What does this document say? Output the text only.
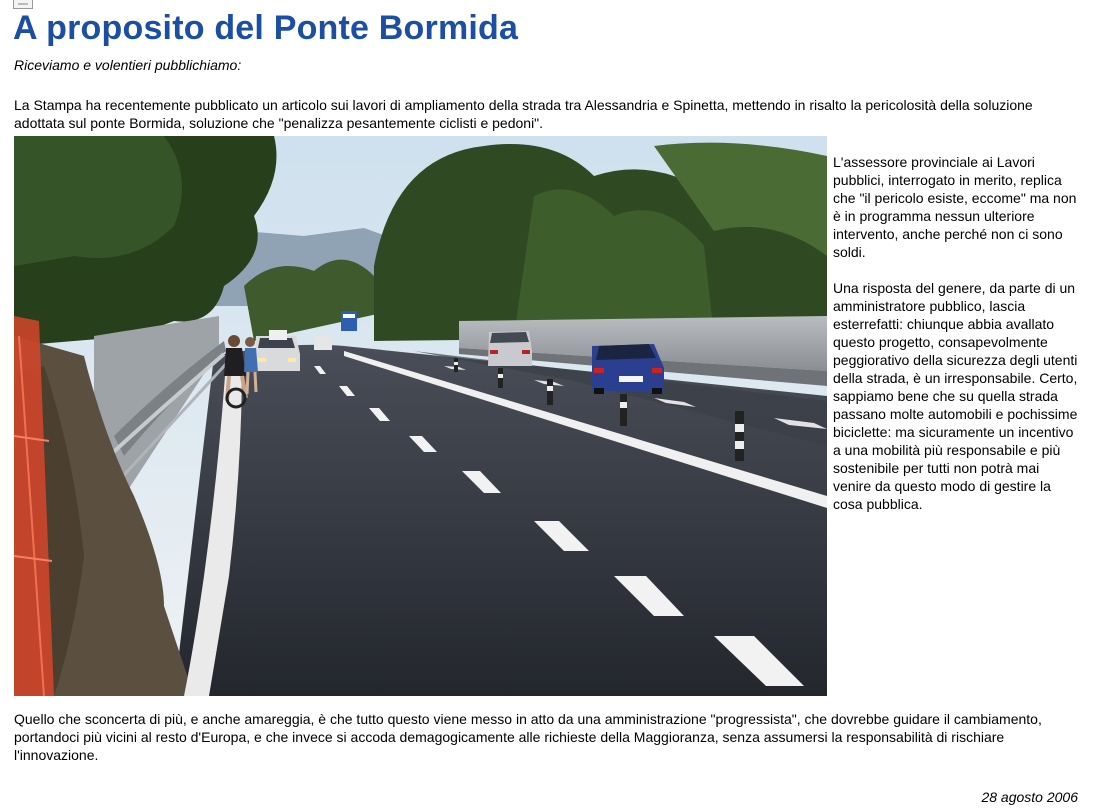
A proposito del Ponte Bormida
Riceviamo e volentieri pubblichiamo:

La Stampa ha recentemente pubblicato un articolo sui lavori di ampliamento della strada tra Alessandria e Spinetta, mettendo in risalto la pericolosità della soluzione adottata sul ponte Bormida, soluzione che "penalizza pesantemente ciclisti e pedoni".

L'assessore provinciale ai Lavori pubblici, interrogato in merito, replica che "il pericolo esiste, eccome" ma non è in programma nessun ulteriore intervento, anche perché non ci sono soldi.

Una risposta del genere, da parte di un amministratore pubblico, lascia esterrefatti: chiunque abbia avallato questo progetto, consapevolmente peggiorativo della sicurezza degli utenti della strada, è un irresponsabile. Certo, sappiamo bene che su quella strada passano molte automobili e pochissime biciclette: ma sicuramente un incentivo a una mobilità più responsabile e più sostenibile per tutti non potrà mai venire da questo modo di gestire la cosa pubblica.

Quello che sconcerta di più, e anche amareggia, è che tutto questo viene messo in atto da una amministrazione "progressista", che dovrebbe guidare il cambiamento, portandoci più vicini al resto d'Europa, e che invece si accoda demagogicamente alle richieste della Maggioranza, senza assumersi la responsabilità di rischiare l'innovazione.

28 agosto 2006
